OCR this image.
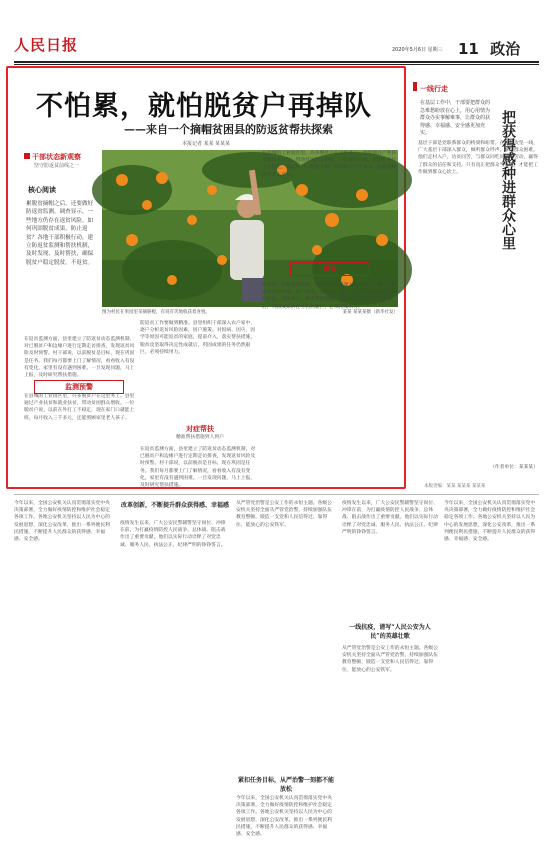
人民日报	2020年5月6日 星期三 11 政治
不怕累，就怕脱贫户再掉队
——来自一个摘帽贫困县的防返贫帮扶探索
本报记者 某某 某某某
图为村民在果园里采摘脐橙，有说有笑地收获着喜悦。	某某 某某某摄（新华社发）
干部状态新观察
坚守防返贫前线之一
核心阅读
累脱贫摘帽之后，还要做好防返贫监测。调查显示，一些地方仍存在返贫风险。如何巩固脱贫成果，防止返贫？各地干部积极行动，建立防返贫监测和帮扶机制，及时发现、及时帮扶，确保脱贫户稳定脱贫，不返贫。
在返贫监测方面，县里建立了防返贫动态监测机制，对已脱贫户和边缘户进行定期走访排查，发现返贫风险及时预警。村干部说，以前脱贫是目标，现在巩固是任务。我们每月都要上门了解情况，看看收入有没有变化，家里有没有遇到困难。一旦发现问题，马上上报，及时研究帮扶措施。
监测预警
在县城的工业园区里，许多脱贫户在这里务工。县里通过产业扶贫和就业扶贫，带动贫困群众增收。一位脱贫户说，以前在外打工不稳定，现在家门口就能上班，每月收入三千多元，还能照顾家里老人孩子。
防返贫工作要做到精准。县里组织干部深入农户家中，逐户分析返贫风险因素，因户施策。对因病、因灾、因学等原因可能返贫的家庭，提前介入，落实帮扶措施。脱贫攻坚取得决定性成就后，巩固成果的任务仍然艰巨，必须持续用力。
对症帮扶
精准帮扶措施到人到户
在返贫监测方面，县里建立了防返贫动态监测机制，对已脱贫户和边缘户进行定期走访排查，发现返贫风险及时预警。村干部说，以前脱贫是目标，现在巩固是任务。我们每月都要上门了解情况，看看收入有没有变化，家里有没有遇到困难。一旦发现问题，马上上报，及时研究帮扶措施。
在县城的工业园区里，许多脱贫户在这里务工。县里通过产业扶贫和就业扶贫，带动贫困群众增收。一位脱贫户说，以前在外打工不稳定，现在家门口就能上班，每月收入三千多元，还能照顾家里老人孩子。
筹集
防返贫工作要做到精准。县里组织干部深入农户家中，逐户分析返贫风险因素，因户施策。对因病、因灾、因学等原因可能返贫的家庭，提前介入，落实帮扶措施。脱贫攻坚取得决定性成就后，巩固成果的任务仍然艰巨，必须持续用力。
一线行走
在基层工作中，干部要把群众的急难愁盼放在心上，用心用情为群众办实事解难事，让群众的获得感、幸福感、安全感更加充实。	把获得感种进群众心里
基层干部是党联系群众的桥梁和纽带。在脱贫攻坚一线，广大基层干部深入群众，倾听群众呼声，解决群众困难。他们走村入户，访贫问苦，与群众同吃同住同劳动，赢得了群众的信任和支持。只有真正把群众当亲人，才能把工作做到群众心坎上。
（作者单位：某某某）
本版责编：某某 某某某 某某某
今年以来，全国公安机关认真贯彻落实党中央决策部署，全力做好疫情防控和维护社会稳定各项工作。各地公安机关坚持以人民为中心的发展思想，深化公安改革，推出一系列便民利民措施，不断提升人民群众的获得感、幸福感、安全感。
改革创新，不断提升群众获得感、幸福感
疫情发生以来，广大公安民警辅警坚守岗位、冲锋在前，为打赢疫情防控人民战争、总体战、阻击战作出了重要贡献。他们以实际行动诠释了对党忠诚、服务人民、执法公正、纪律严明的铮铮誓言。
从严管党治警是公安工作的永恒主题。各级公安机关坚持全面从严管党治警，持续加强队伍教育整顿，锻造一支党和人民信得过、靠得住、能放心的公安铁军。
紧扣任务目标，从严治警一刻都不能放松
今年以来，全国公安机关认真贯彻落实党中央决策部署，全力做好疫情防控和维护社会稳定各项工作。各地公安机关坚持以人民为中心的发展思想，深化公安改革，推出一系列便民利民措施，不断提升人民群众的获得感、幸福感、安全感。
疫情发生以来，广大公安民警辅警坚守岗位、冲锋在前，为打赢疫情防控人民战争、总体战、阻击战作出了重要贡献。他们以实际行动诠释了对党忠诚、服务人民、执法公正、纪律严明的铮铮誓言。
一线抗疫，谱写“人民公安为人民”的英雄壮歌
从严管党治警是公安工作的永恒主题。各级公安机关坚持全面从严管党治警，持续加强队伍教育整顿，锻造一支党和人民信得过、靠得住、能放心的公安铁军。
今年以来，全国公安机关认真贯彻落实党中央决策部署，全力做好疫情防控和维护社会稳定各项工作。各地公安机关坚持以人民为中心的发展思想，深化公安改革，推出一系列便民利民措施，不断提升人民群众的获得感、幸福感、安全感。
